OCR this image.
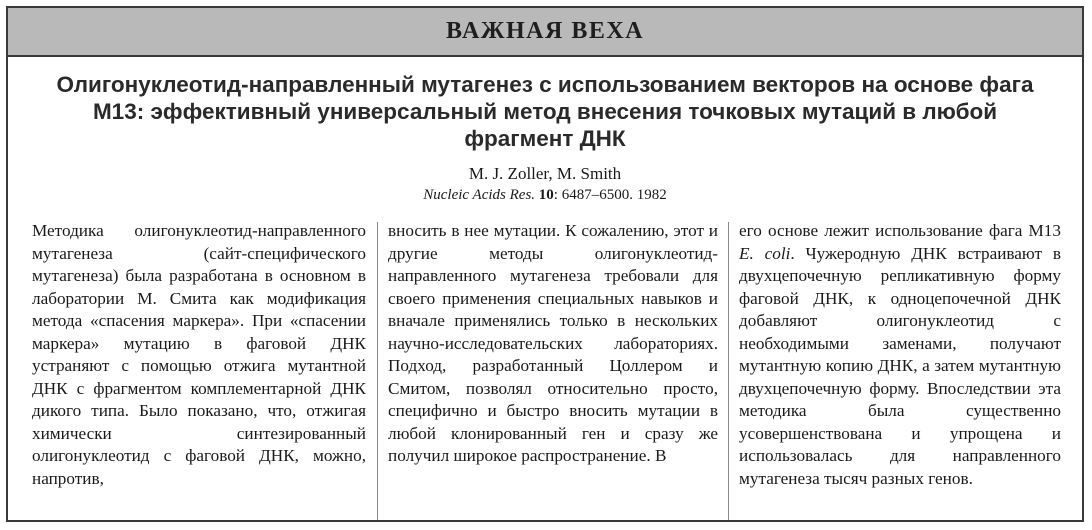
ВАЖНАЯ ВЕХА
Олигонуклеотид-направленный мутагенез с использованием векторов на основе фага М13: эффективный универсальный метод внесения точковых мутаций в любой фрагмент ДНК
M. J. Zoller, M. Smith
Nucleic Acids Res. 10: 6487–6500. 1982
Методика олигонуклеотид-направленного мутагенеза (сайт-специфического мутагенеза) была разработана в основном в лаборатории М. Смита как модификация метода «спасения маркера». При «спасении маркера» мутацию в фаговой ДНК устраняют с помощью отжига мутантной ДНК с фрагментом комплементарной ДНК дикого типа. Было показано, что, отжигая химически синтезированный олигонуклеотид с фаговой ДНК, можно, напротив,
вносить в нее мутации. К сожалению, этот и другие методы олигонуклеотид-направленного мутагенеза требовали для своего применения специальных навыков и вначале применялись только в нескольких научно-исследовательских лабораториях. Подход, разработанный Цоллером и Смитом, позволял относительно просто, специфично и быстро вносить мутации в любой клонированный ген и сразу же получил широкое распространение. В
его основе лежит использование фага М13 E. coli. Чужеродную ДНК встраивают в двухцепочечную репликативную форму фаговой ДНК, к одноцепочечной ДНК добавляют олигонуклеотид с необходимыми заменами, получают мутантную копию ДНК, а затем мутантную двухцепочечную форму. Впоследствии эта методика была существенно усовершенствована и упрощена и использовалась для направленного мутагенеза тысяч разных генов.
